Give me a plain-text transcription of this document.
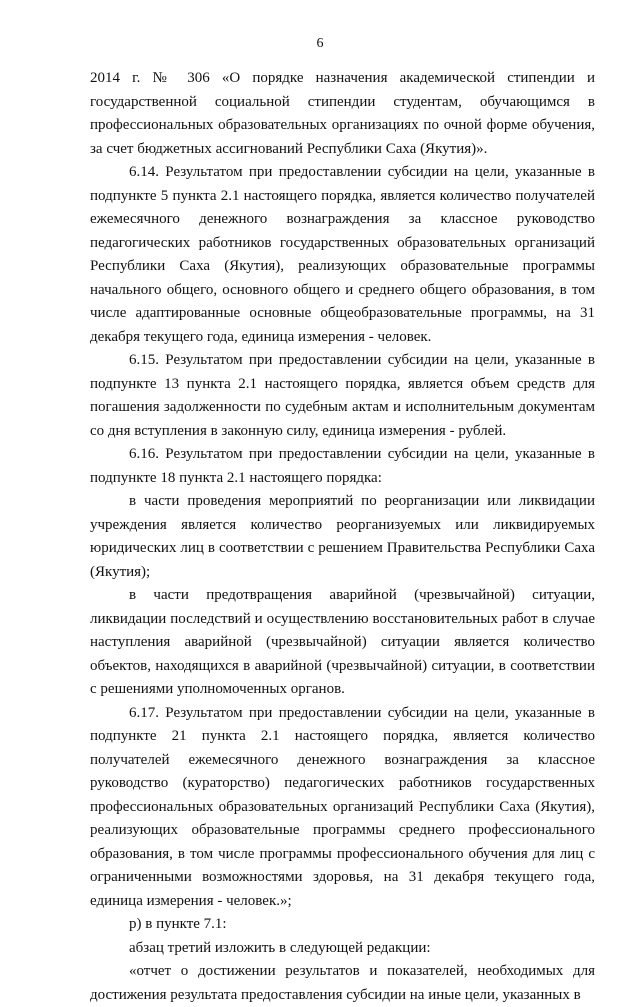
6

2014 г. № 306 «О порядке назначения академической стипендии и государственной социальной стипендии студентам, обучающимся в профессиональных образовательных организациях по очной форме обучения, за счет бюджетных ассигнований Республики Саха (Якутия)».

6.14. Результатом при предоставлении субсидии на цели, указанные в подпункте 5 пункта 2.1 настоящего порядка, является количество получателей ежемесячного денежного вознаграждения за классное руководство педагогических работников государственных образовательных организаций Республики Саха (Якутия), реализующих образовательные программы начального общего, основного общего и среднего общего образования, в том числе адаптированные основные общеобразовательные программы, на 31 декабря текущего года, единица измерения - человек.

6.15. Результатом при предоставлении субсидии на цели, указанные в подпункте 13 пункта 2.1 настоящего порядка, является объем средств для погашения задолженности по судебным актам и исполнительным документам со дня вступления в законную силу, единица измерения - рублей.

6.16. Результатом при предоставлении субсидии на цели, указанные в подпункте 18 пункта 2.1 настоящего порядка:

в части проведения мероприятий по реорганизации или ликвидации учреждения является количество реорганизуемых или ликвидируемых юридических лиц в соответствии с решением Правительства Республики Саха (Якутия);

в части предотвращения аварийной (чрезвычайной) ситуации, ликвидации последствий и осуществлению восстановительных работ в случае наступления аварийной (чрезвычайной) ситуации является количество объектов, находящихся в аварийной (чрезвычайной) ситуации, в соответствии с решениями уполномоченных органов.

6.17. Результатом при предоставлении субсидии на цели, указанные в подпункте 21 пункта 2.1 настоящего порядка, является количество получателей ежемесячного денежного вознаграждения за классное руководство (кураторство) педагогических работников государственных профессиональных образовательных организаций Республики Саха (Якутия), реализующих образовательные программы среднего профессионального образования, в том числе программы профессионального обучения для лиц с ограниченными возможностями здоровья, на 31 декабря текущего года, единица измерения - человек.»;

р) в пункте 7.1:

абзац третий изложить в следующей редакции:

«отчет о достижении результатов и показателей, необходимых для достижения результата предоставления субсидии на иные цели, указанных в
